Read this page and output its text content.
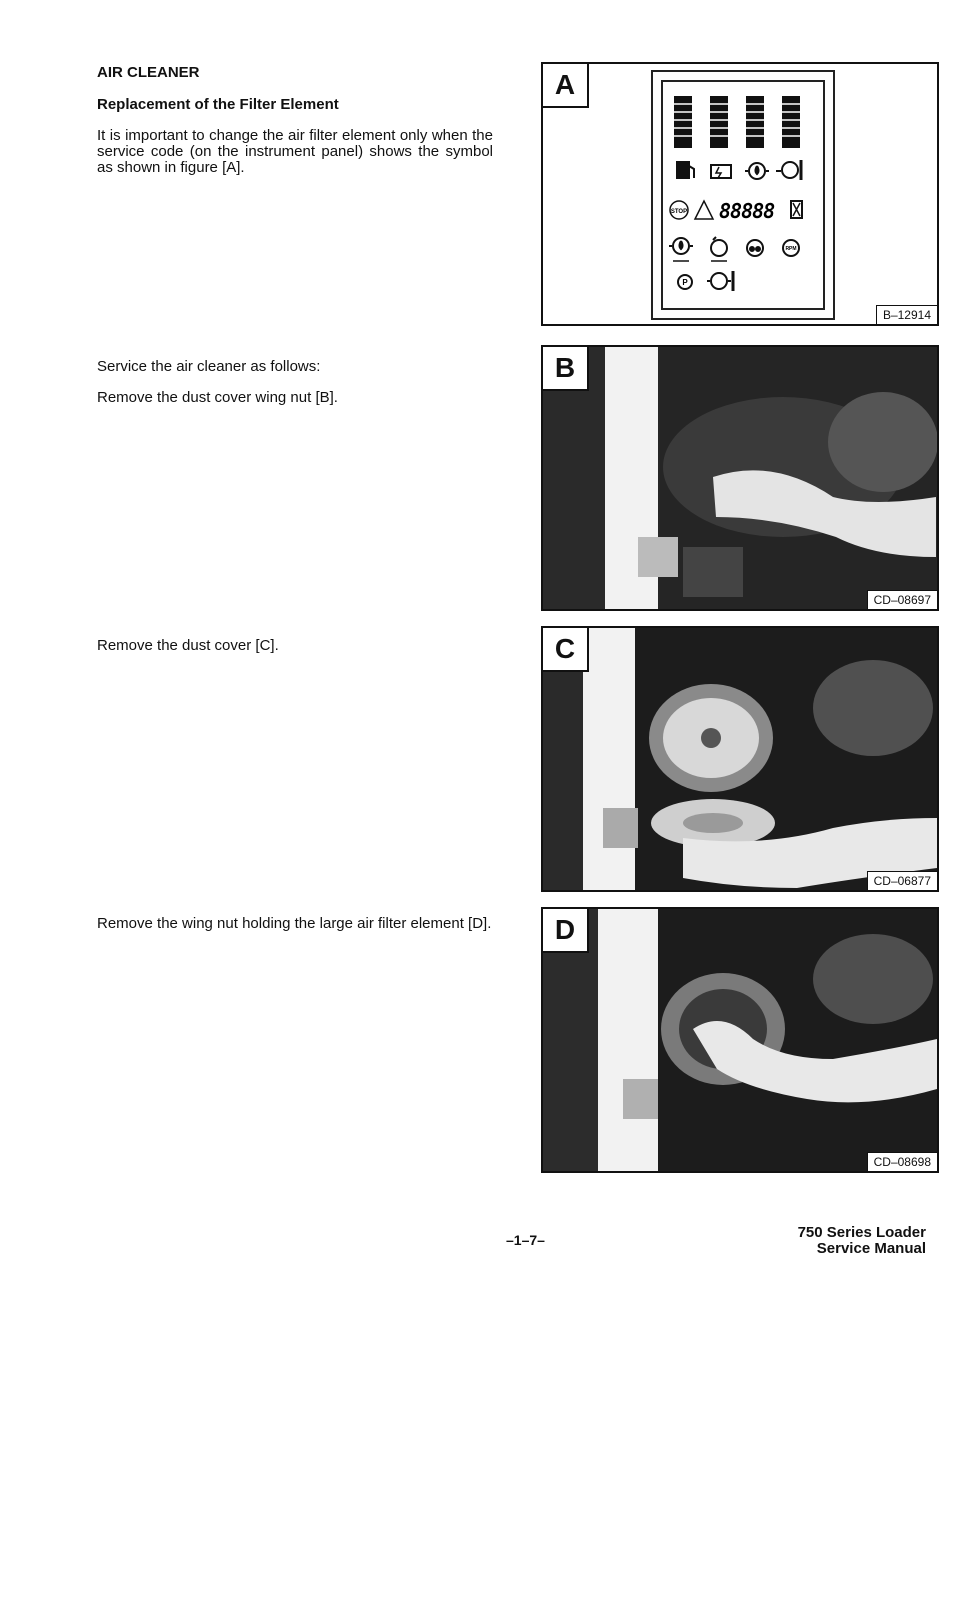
AIR CLEANER
Replacement of the Filter Element
It is important to change the air filter element only when the service code (on the instrument panel) shows the symbol as shown in figure [A].
Service the air cleaner as follows:
Remove the dust cover wing nut [B].
Remove the dust cover [C].
Remove the wing nut holding the large air filter element [D].
A
STOP 88888
RPM
P
B–12914
B
CD–08697
C
CD–06877
D
CD–08698
–1–7–	750 Series Loader
Service Manual
